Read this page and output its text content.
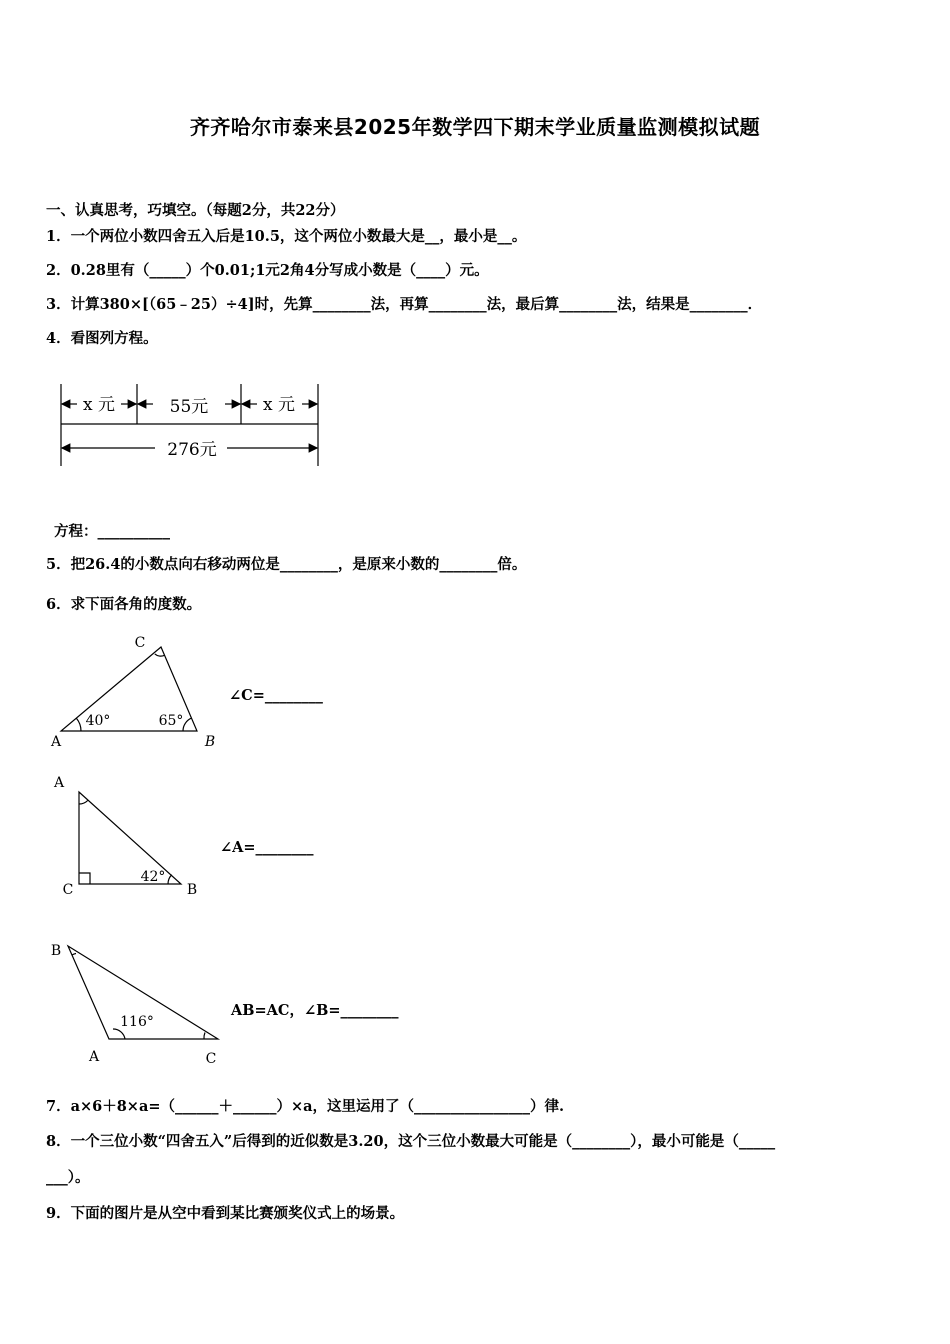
齐齐哈尔市泰来县2025年数学四下期末学业质量监测模拟试题
一、认真思考，巧填空。（每题2分，共22分）
1．一个两位小数四舍五入后是10.5，这个两位小数最大是__，最小是__。
2．0.28里有（_____）个0.01;1元2角4分写成小数是（____）元。
3．计算380×[（65﹣25）÷4]时，先算________法，再算________法，最后算________法，结果是________．
4．看图列方程。
x 元	55元	x 元
276元
方程：__________
5．把26.4的小数点向右移动两位是________，是原来小数的________倍。
6．求下面各角的度数。
A	B
C
40°	65°
∠C=________
A
C	B
42°
∠A=________
B
A	C
116°
AB=AC，∠B=________
7．a×6＋8×a=（______＋______）×a，这里运用了（________________）律.
8．一个三位小数“四舍五入”后得到的近似数是3.20，这个三位小数最大可能是（________），最小可能是（_____
___）。
9．下面的图片是从空中看到某比赛颁奖仪式上的场景。
